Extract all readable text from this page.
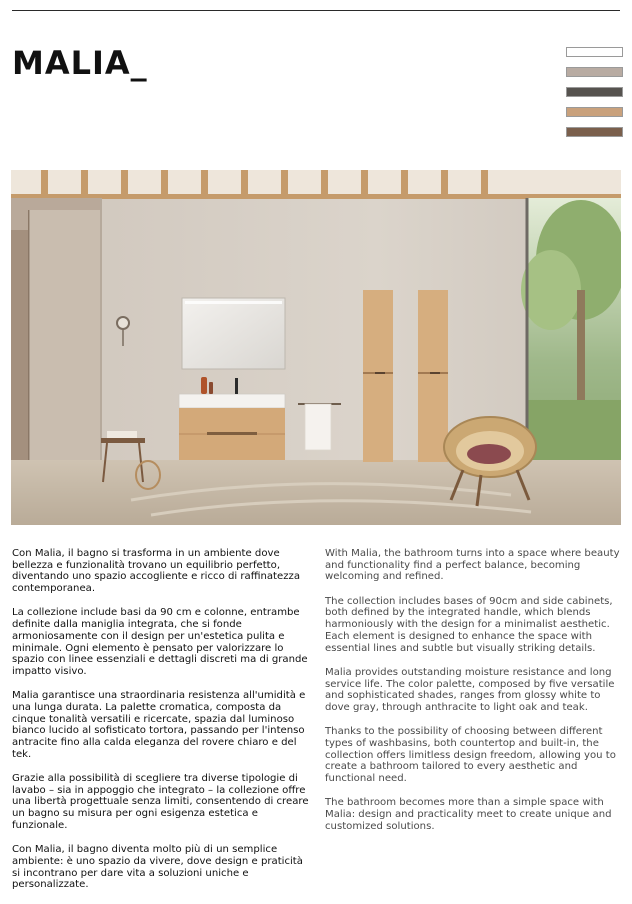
MALIA_

Con Malia, il bagno si trasforma in un ambiente dove bellezza e funzionalità trovano un equilibrio perfetto, diventando uno spazio accogliente e ricco di raffinatezza contemporanea.

La collezione include basi da 90 cm e colonne, entrambe definite dalla maniglia integrata, che si fonde armoniosamente con il design per un'estetica pulita e minimale. Ogni elemento è pensato per valorizzare lo spazio con linee essenziali e dettagli discreti ma di grande impatto visivo.

Malia garantisce una straordinaria resistenza all'umidità e una lunga durata. La palette cromatica, composta da cinque tonalità versatili e ricercate, spazia dal luminoso bianco lucido al sofisticato tortora, passando per l'intenso antracite fino alla calda eleganza del rovere chiaro e del tek.

Grazie alla possibilità di scegliere tra diverse tipologie di lavabo – sia in appoggio che integrato – la collezione offre una libertà progettuale senza limiti, consentendo di creare un bagno su misura per ogni esigenza estetica e funzionale.

Con Malia, il bagno diventa molto più di un semplice ambiente: è uno spazio da vivere, dove design e praticità si incontrano per dare vita a soluzioni uniche e personalizzate.

With Malia, the bathroom turns into a space where beauty and functionality find a perfect balance, becoming welcoming and refined.

The collection includes bases of 90cm and side cabinets, both defined by the integrated handle, which blends harmoniously with the design for a minimalist aesthetic. Each element is designed to enhance the space with essential lines and subtle but visually striking details.

Malia provides outstanding moisture resistance and long service life. The color palette, composed by five versatile and sophisticated shades, ranges from glossy white to dove gray, through anthracite to light oak and teak.

Thanks to the possibility of choosing between different types of washbasins, both countertop and built-in, the collection offers limitless design freedom, allowing you to create a bathroom tailored to every aesthetic and functional need.

The bathroom becomes more than a simple space with Malia: design and practicality meet to create unique and customized solutions.
